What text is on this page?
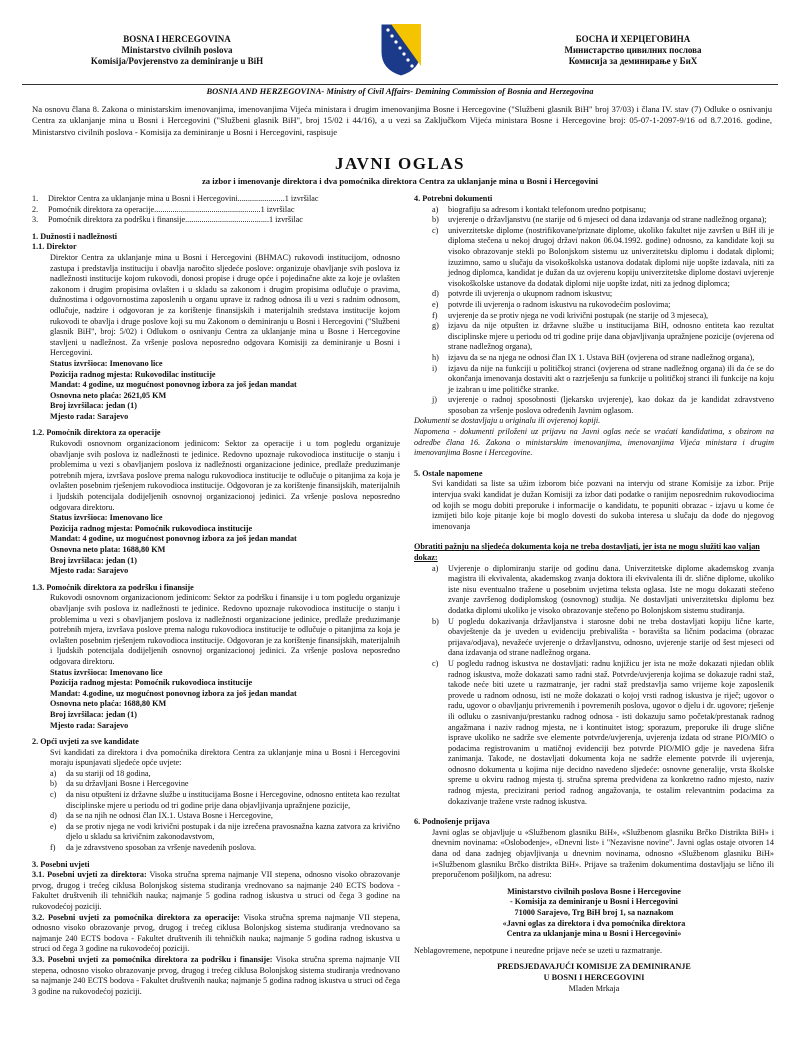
BOSNA I HERCEGOVINA
Ministarstvo civilnih poslova
Komisija/Povjerenstvo za deminiranje u BiH
БОСНА И ХЕРЦЕГОВИНА
Министарство цивилних послова
Комисија за деминирање у БиХ
BOSNIA AND HERZEGOVINA- Ministry of Civil Affairs- Demining Commission of Bosnia and Herzegovina

Na osnovu člana 8. Zakona o ministarskim imenovanjima, imenovanjima Vijeća ministara i drugim imenovanjima Bosne i Hercegovine ("Službeni glasnik BiH" broj 37/03) i člana IV. stav (7) Odluke o osnivanju Centra za uklanjanje mina u Bosni i Hercegovini ("Službeni glasnik BiH", broj 15/02 i 44/16), a u vezi sa Zaključkom Vijeća ministara Bosne i Hercegovine broj: 05-07-1-2097-9/16 od 8.7.2016. godine, Ministarstvo civilnih poslova - Komisija za deminiranje u Bosni i Hercegovini, raspisuje

JAVNI OGLAS
za izbor i imenovanje direktora i dva pomoćnika direktora Centra za uklanjanje mina u Bosni i Hercegovini
1.	Direktor Centra za uklanjanje mina u Bosni i Hercegovini.......................1 izvršilac
2.	Pomoćnik direktora za operacije....................................................1 izvršilac
3.	Pomoćnik direktora za podršku i finansije.........................................1 izvršilac

1. Dužnosti i nadležnosti

1.1. Direktor

Direktor Centra za uklanjanje mina u Bosni i Hercegovini (BHMAC) rukovodi institucijom, odnosno zastupa i predstavlja instituciju i obavlja naročito sljedeće poslove: organizuje obavljanje svih poslova iz nadležnosti institucije kojom rukovodi, donosi propise i druge opće i pojedinačne akte za koje je ovlašten zakonom i drugim propisima ovlašten i u skladu sa zakonom i drugim propisima odlučuje o pravima, dužnostima i odgovornostima zaposlenih u organu upravе iz radnog odnosa ili u vezi s radnim odnosom, odlučuje, nadzire i odgovoran je za korištenje finansijskih i materijalnih sredstava institucije kojom rukovodi te obavlja i druge poslove koji su mu Zakonom o deminiranju u Bosni i Hercegovini ("Službeni glasnik BiH", broj: 5/02) i Odlukom o osnivanju Centra za uklanjanje mina u Bosne i Hercegovine stavljeni u nadležnost. Za vršenje poslova neposredno odgovara Komisiji za deminiranje u Bosni i Hercegovini.

Status izvršioca: Imenovano lice

Pozicija radnog mjesta: Rukovodilac institucije

Mandat: 4 godine, uz mogućnost ponovnog izbora za još jedan mandat

Osnovna neto plaća: 2621,05 KM

Broj izvršilaca: jedan (1)

Mjesto rada: Sarajevo

1.2. Pomoćnik direktora za operacije

Rukovodi osnovnom organizacionom jedinicom: Sektor za operacije i u tom pogledu organizuje obavljanje svih poslova iz nadležnosti te jedinice. Redovno upoznaje rukovodioca institucije o stanju i problemima u vezi s obavljanjem poslova iz nadležnosti organizacione jedinice, predlaže preduzimanje potrebnih mjera, izvršava poslove prema nalogu rukovodioca institucije te odlučuje o pitanjima za koja je ovlašten posebnim rješenjem rukovodioca institucije. Odgovoran je za korištenje finansijskih, materijalnih i ljudskih potencijala dodijeljenih osnovnoj organizacionoj jedinici. Za vršenje poslova neposredno odgovara direktoru.

Status izvršioca: Imenovano lice

Pozicija radnog mjesta: Pomoćnik rukovodioca institucije

Mandat: 4 godine, uz mogućnost ponovnog izbora za još jedan mandat

Osnovna neto plata: 1688,80 KM

Broj izvršilaca: jedan (1)

Mjesto rada: Sarajevo

1.3. Pomoćnik direktora za podršku i finansije

Rukovodi osnovnom organizacionom jedinicom: Sektor za podršku i finansije i u tom pogledu organizuje obavljanje svih poslova iz nadležnosti te jedinice. Redovno upoznaje rukovodioca institucije o stanju i problemima u vezi s obavljanjem poslova iz nadležnosti organizacione jedinice, predlaže preduzimanje potrebnih mjera, izvršava poslove prema nalogu rukovodioca institucije te odlučuje o pitanjima za koja je ovlašten posebnim rješenjem rukovodioca institucije. Odgovoran je za korištenje finansijskih, materijalnih i ljudskih potencijala dodijeljenih osnovnoj organizacionoj jedinici. Za vršenje poslova neposredno odgovara direktoru.

Status izvršioca: Imenovano lice

Pozicija radnog mjesta: Pomoćnik rukovodioca institucije

Mandat: 4.godine, uz mogućnost ponovnog izbora za još jedan mandat

Osnovna neto plaća: 1688,80 KM

Broj izvršilaca: jedan (1)

Mjesto rada: Sarajevo

2. Opći uvjeti za sve kandidate

Svi kandidati za direktora i dva pomoćnika direktora Centra za uklanjanje mina u Bosni i Hercegovini moraju ispunjavati sljedeće opće uvjete:

a)	da su stariji od 18 godina,
b)	da su državljani Bosne i Hercegovine
c)	da nisu otpušteni iz državne službe u institucijama Bosne i Hercegovine, odnosno entiteta kao rezultat disciplinske mjere u periodu od tri godine prije dana objavljivanja upražnjene pozicije,
d)	da se na njih ne odnosi član IX.1. Ustava Bosne i Hercegovine,
e)	da se protiv njega ne vodi krivični postupak i da nije izrečena pravosnažna kazna zatvora za krivično djelo u skladu sa krivičnim zakonodavstvom,
f)	da je zdravstveno sposoban za vršenje navedenih poslova.

3. Posebni uvjeti

3.1. Posebni uvjeti za direktora: Visoka stručna sprema najmanje VII stepena, odnosno visoko obrazovanje prvog, drugog i trećeg ciklusa Bolonjskog sistema studiranja vrednovano sa najmanje 240 ECTS bodova - Fakultet društvenih ili tehničkih nauka; najmanje 5 godina radnog iskustva u struci od čega 3 godine na rukovodećoj poziciji.

3.2. Posebni uvjeti za pomoćnika direktora za operacije: Visoka stručna sprema najmanje VII stepena, odnosno visoko obrazovanje prvog, drugog i trećeg ciklusa Bolonjskog sistema studiranja vrednovano sa najmanje 240 ECTS bodova - Fakultet društvenih ili tehničkih nauka; najmanje 5 godina radnog iskustva u struci od čega 3 godine na rukovodećoj poziciji.

3.3. Posebni uvjeti za pomoćnika direktora za podršku i finansije: Visoka stručna sprema najmanje VII stepena, odnosno visoko obrazovanje prvog, drugog i trećeg ciklusa Bolonjskog sistema studiranja vrednovano sa najmanje 240 ECTS bodova - Fakultet društvenih nauka; najmanje 5 godina radnog iskustva u struci od čega 3 godine na rukovodećoj poziciji.

4. Potrebni dokumenti

a)	biografiju sa adresom i kontakt telefonom uredno potpisanu;
b)	uvjerenje o državljanstvu (ne starije od 6 mjeseci od dana izdavanja od strane nadležnog organa);
c)	univerzitetske diplome (nostrifikovane/priznate diplome, ukoliko fakultet nije završen u BiH ili je diploma stečena u nekoj drugoj državi nakon 06.04.1992. godine) odnosno, za kandidate koji su visoko obrazovanje stekli po Bolonjskom sistemu uz univerzitetsku diplomu i dodatak diplomi; izuzimno, samo u slučaju da visokoškolska ustanova dodatak diplomi nije uopšte izdavala, niti za jednog diplomca, kandidat je dužan da uz ovjerenu kopiju univerzitetske diplome dostavi uvjerenje visokoškolske ustanove da dodatak diplomi nije uopšte izdat, niti za jednog diplomca;
d)	potvrde ili uvjerenja o ukupnom radnom iskustvu;
e)	potvrde ili uvjerenja o radnom iskustvu na rukovodećim poslovima;
f)	uvjerenje da se protiv njega ne vodi krivični postupak (ne starije od 3 mjeseca),
g)	izjavu da nije otpušten iz državne službe u institucijama BiH, odnosno entiteta kao rezultat disciplinske mjere u periodu od tri godine prije dana objavljivanja upražnjene pozicije (ovjerena od strane nadležnog organa),
h)	izjavu da se na njega ne odnosi član IX 1. Ustava BiH (ovjerena od strane nadležnog organa),
i)	izjavu da nije na funkciji u političkoj stranci (ovjerena od strane nadležnog organa) ili da će se do okončanja imenovanja dostaviti akt o razrješenju sa funkcije u političkoj stranci ili funkcije na koju je izabran u ime političke stranke.
j)	uvjerenje o radnoj sposobnosti (ljekarsko uvjerenje), kao dokaz da je kandidat zdravstveno sposoban za vršenje poslova određenih Javnim oglasom.

Dokumenti se dostavljaju u originalu ili ovjerenoj kopiji.

Napomena - dokumenti priloženi uz prijavu na Javni oglas neće se vraćati kandidatima, s obzirom na odredbe člana 16. Zakona o ministarskim imenovanjima, imenovanjima Vijeća ministara i drugim imenovanjima Bosne i Hercegovine.

5. Ostale napomene

Svi kandidati sa liste sa užim izborom biće pozvani na intervju od strane Komisije za izbor. Prije intervjua svaki kandidat je dužan Komisiji za izbor dati podatke o ranijim neposrednim rukovodiocima od kojih se mogu dobiti preporuke i informacije o kandidatu, te popuniti obrazac - izjavu u kome će izmijeti bilo koje pitanje koje bi moglo dovesti do sukoba interesa u slučaju da dođe do njegovog imenovanja

Obratiti pažnju na sljedeća dokumenta koja ne treba dostavljati, jer ista ne mogu služiti kao valjan dokaz:

a)	Uvjerenje o diplomiranju starije od godinu dana. Univerzitetske diplome akademskog zvanja magistra ili ekvivalenta, akademskog zvanja doktora ili ekvivalenta ili dr. slične diplome, ukoliko iste nisu eventualno tražene u posebnim uvjetima teksta oglasa. Iste ne mogu dokazati stečeno zvanje završenog dodiplomskog (osnovnog) studija. Ne dostavljati univerzitetsku diplomu bez dodatka diplomi ukoliko je visoko obrazovanje stečeno po Bolonjskom sistemu studiranja.
b)	U pogledu dokazivanja državljanstva i starosne dobi ne treba dostavljati kopiju lične karte, obavještenje da je uveden u evidenciju prebivališta - boravišta sa ličnim podacima (obrazac prijava/odjava), nevažeće uvjerenje o državljanstvu, odnosno, uvjerenje starije od šest mjeseci od dana izdavanja od strane nadležnog organa.
c)	U pogledu radnog iskustva ne dostavljati: radnu knjižicu jer ista ne može dokazati njiedan oblik radnog iskustva, može dokazati samo radni staž. Potvrde/uvjerenja kojima se dokazuje radni staž, takođe neće biti uzete u razmatranje, jer radni staž predstavlja samo vrijeme koje zaposlenik provede u radnom odnosu, isti ne može dokazati o kojoj vrsti radnog iskustva je riječ; ugovor o radu, ugovor o obavljanju privremenih i povremenih poslova, ugovor o djelu i dr. ugovore; rješenje ili odluku o zasnivanju/prestanku radnog odnosa - isti dokazuju samo početak/prestanak radnog angažmana i naziv radnog mjesta, ne i kontinuitet istog; sporazum, preporuke ili druge slične isprave ukoliko ne sadrže sve elemente potvrde/uvjerenja, uvjerenja izdata od strane PIO/MIO o podacima registrovanim u matičnoj evidenciji bez potvrde PIO/MIO gdje je navedena šifra zanimanja. Takođe, ne dostavljati dokumenta koja ne sadrže elemente potvrde ili uvjerenja, odnosno dokumenta u kojima nije decidno navedeno sljedeće: osnovne generalije, vrsta školske spreme u okviru radnog mjesta tj. stručna sprema predviđena za konkretno radno mjesto, naziv radnog mjesta, precizirani period radnog angažovanja, te ostalim relevantnim podacima za dokazivanje tražene vrste radnog iskustva.

6. Podnošenje prijava

Javni oglas se objavljuje u «Službenom glasniku BiH», «Službenom glasniku Brčko Distrikta BiH» i dnevnim novinama: «Oslobođenje», «Dnevni list» i "Nezavisne novine". Javni oglas ostaje otvoren 14 dana od dana zadnjeg objavljivanja u dnevnim novinama, odnosno «Službenom glasniku BiH» i«Službenom glasniku Brčko distrikta BiH». Prijave sa traženim dokumentima dostavljaju se lično ili preporučenom pošiljkom, na adresu:

Ministarstvo civilnih poslova Bosne i Hercegovine

- Komisija za deminiranje u Bosni i Hercegovini

71000 Sarajevo, Trg BiH broj 1, sa naznakom

«Javni oglas za direktora i dva pomoćnika direktora

Centra za uklanjanje mina u Bosni i Hercegovini»

Neblagovremene, nepotpune i neuredne prijave neće se uzeti u razmatranje.

PREDSJEDAVAJUĆI KOMISIJE ZA DEMINIRANJE

U BOSNI I HERCEGOVINI

Mladen Mrkaja
